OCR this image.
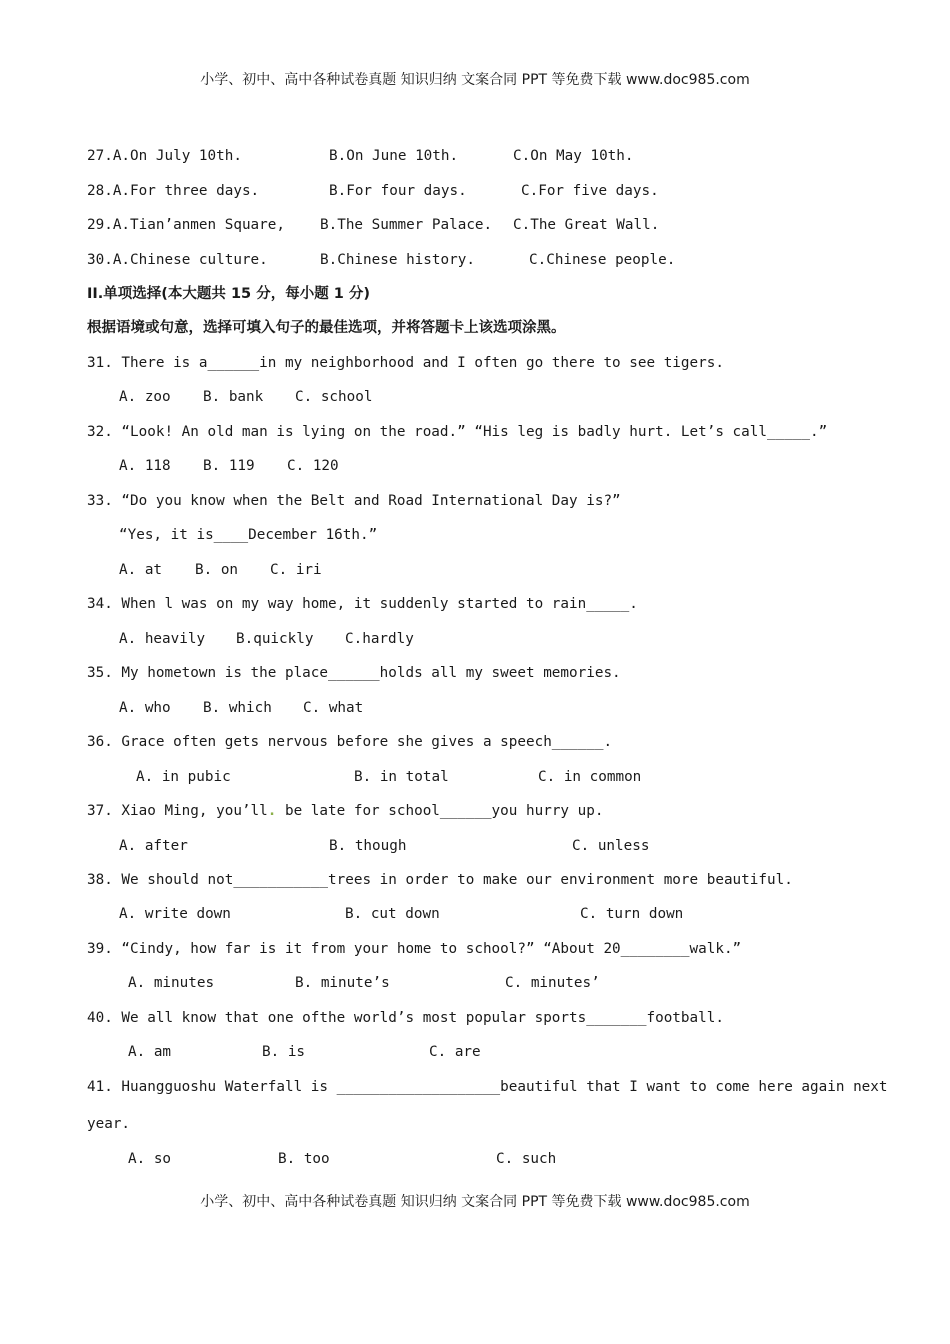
小学、初中、高中各种试卷真题 知识归纳 文案合同 PPT 等免费下载 www.doc985.com
27.A.On July 10th.	B.On June 10th.	C.On May 10th.
28.A.For three days.	B.For four days.	C.For five days.
29.A.Tian’anmen Square, B.The Summer Palace. C.The Great Wall.
30.A.Chinese culture.	B.Chinese history.	C.Chinese people.
II.单项选择(本大题共 15 分，每小题 1 分)
根据语境或句意，选择可填入句子的最佳选项，并将答题卡上该选项涂黑。
31. There is a______in my neighborhood and I often go there to see tigers.
A. zoo B. bank C. school
32. “Look! An old man is lying on the road.” “His leg is badly hurt. Let’s call_____.”
A. 118 B. 119 C. 120
33. “Do you know when the Belt and Road International Day is?”
“Yes, it is____December 16th.”
A. at B. on C. iri
34. When l was on my way home, it suddenly started to rain_____.
A. heavily B.quickly C.hardly
35. My hometown is the place______holds all my sweet memories.
A. who B. which C. what
36. Grace often gets nervous before she gives a speech______.
A. in pubic	B. in total	C. in common
37. Xiao Ming, you’ll. be late for school______you hurry up.
A. after	B. though	C. unless
38. We should not___________trees in order to make our environment more beautiful.
A. write down	B. cut down	C. turn down
39. “Cindy, how far is it from your home to school?” “About 20________walk.”
A. minutes	B. minute’s	C. minutes’
40. We all know that one ofthe world’s most popular sports_______football.
A. am	B. is	C. are
41. Huangguoshu Waterfall is ___________________beautiful that I want to come here again next
year.
A. so	B. too	C. such
小学、初中、高中各种试卷真题 知识归纳 文案合同 PPT 等免费下载 www.doc985.com
